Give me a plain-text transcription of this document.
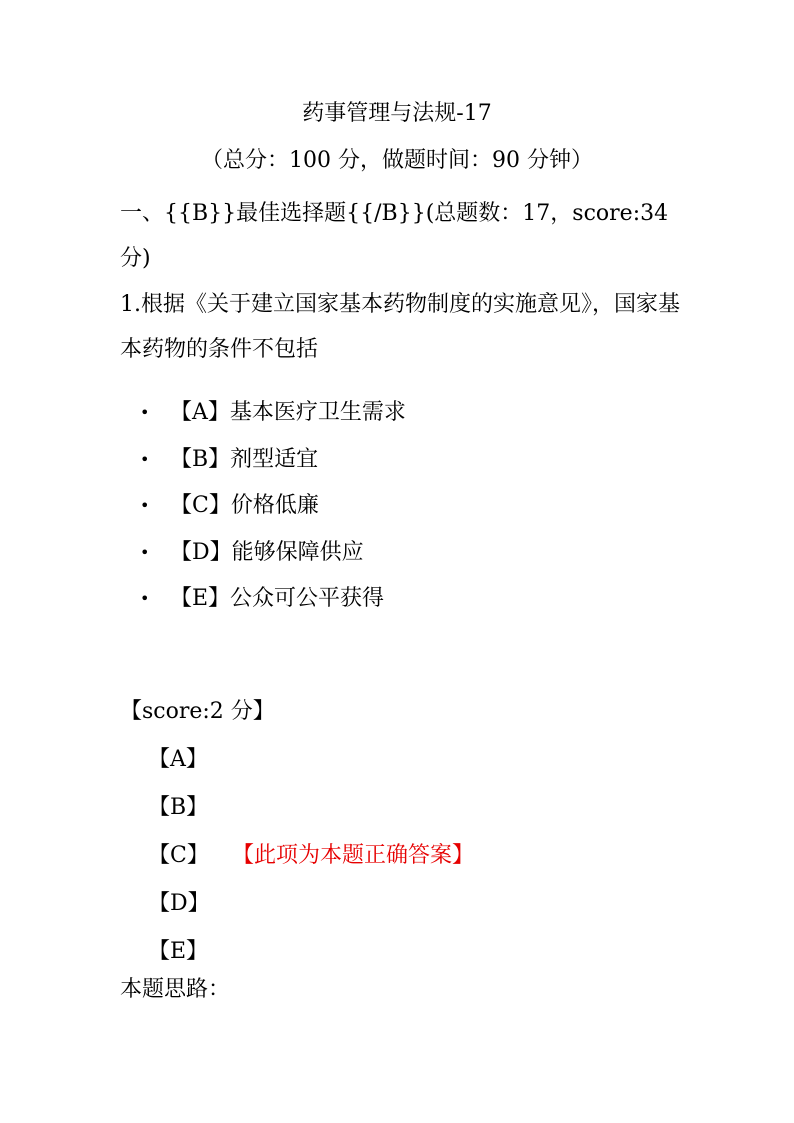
药事管理与法规-17
（总分：100 分，做题时间：90 分钟）
一、{{B}}最佳选择题{{/B}}(总题数：17，score:34 分)
1.根据《关于建立国家基本药物制度的实施意见》，国家基本药物的条件不包括
• 【A】基本医疗卫生需求
• 【B】剂型适宜
• 【C】价格低廉
• 【D】能够保障供应
• 【E】公众可公平获得
【score:2 分】
【A】
【B】
【C】	【此项为本题正确答案】
【D】
【E】
本题思路：
